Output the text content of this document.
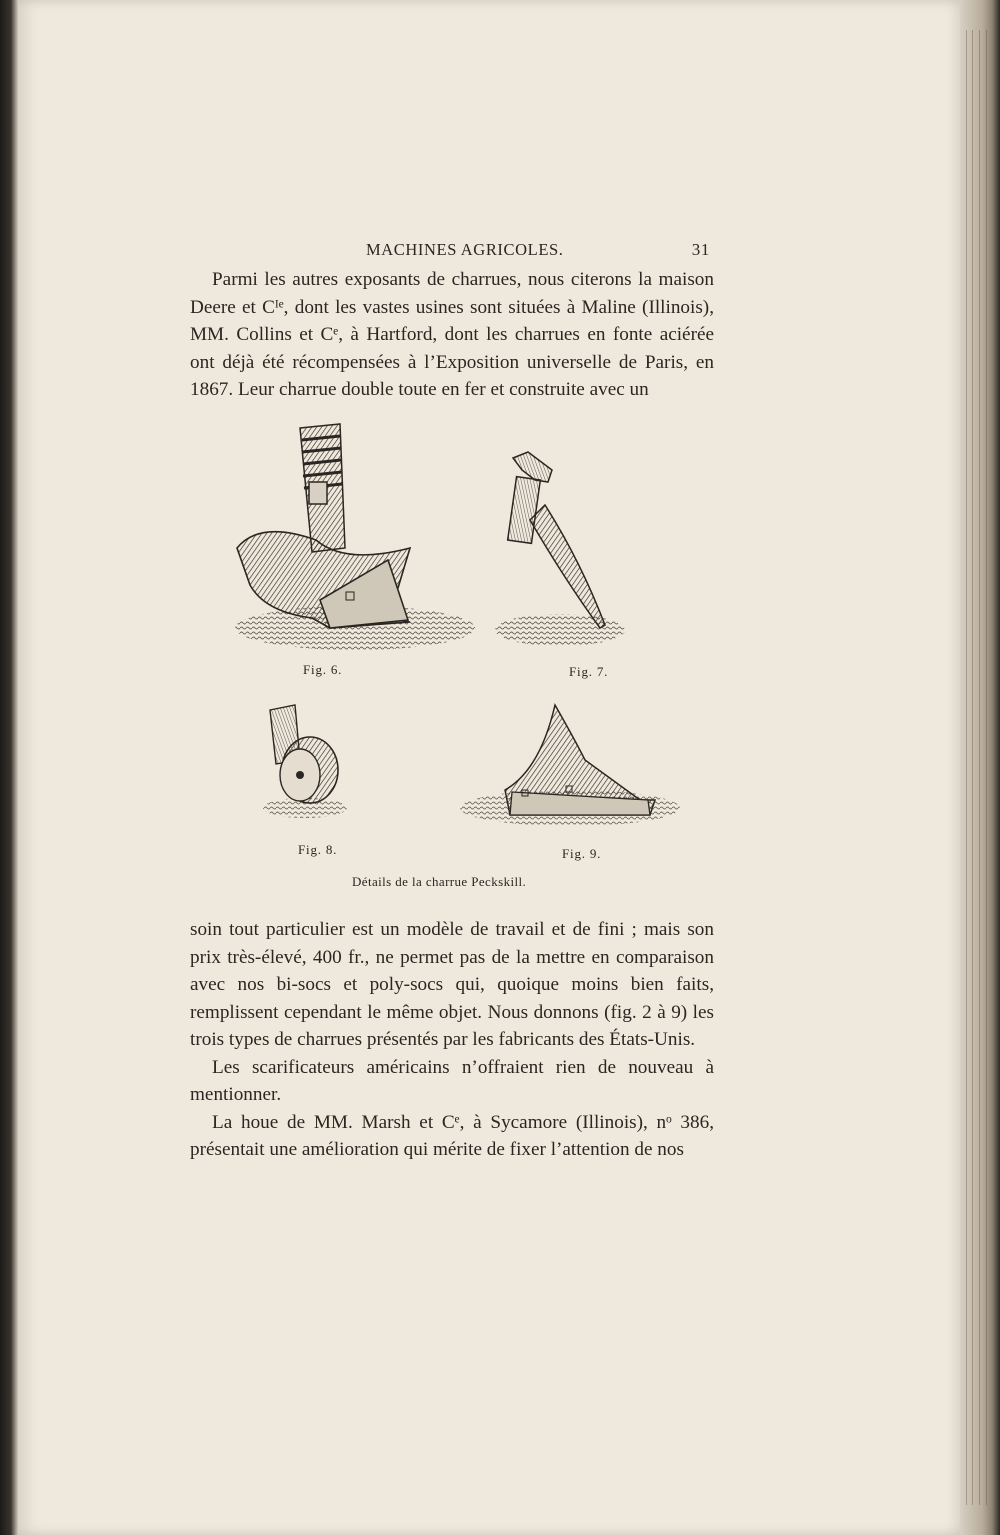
MACHINES AGRICOLES.	31

Parmi les autres exposants de charrues, nous citerons la maison Deere et Cᴵᵉ, dont les vastes usines sont situées à Maline (Illinois), MM. Collins et Cᵉ, à Hartford, dont les charrues en fonte aciérée ont déjà été récompensées à l’Exposition universelle de Paris, en 1867. Leur charrue double toute en fer et construite avec un

Fig. 6.	Fig. 7.
Fig. 8.	Fig. 9.
Détails de la charrue Peckskill.

soin tout particulier est un modèle de travail et de fini ; mais son prix très-élevé, 400 fr., ne permet pas de la mettre en comparaison avec nos bi-socs et poly-socs qui, quoique moins bien faits, remplissent cependant le même objet. Nous donnons (fig. 2 à 9) les trois types de charrues présentés par les fabricants des États-Unis.

Les scarificateurs américains n’offraient rien de nouveau à mentionner.

La houe de MM. Marsh et Cᵉ, à Sycamore (Illinois), nᵒ 386, présentait une amélioration qui mérite de fixer l’attention de nos
